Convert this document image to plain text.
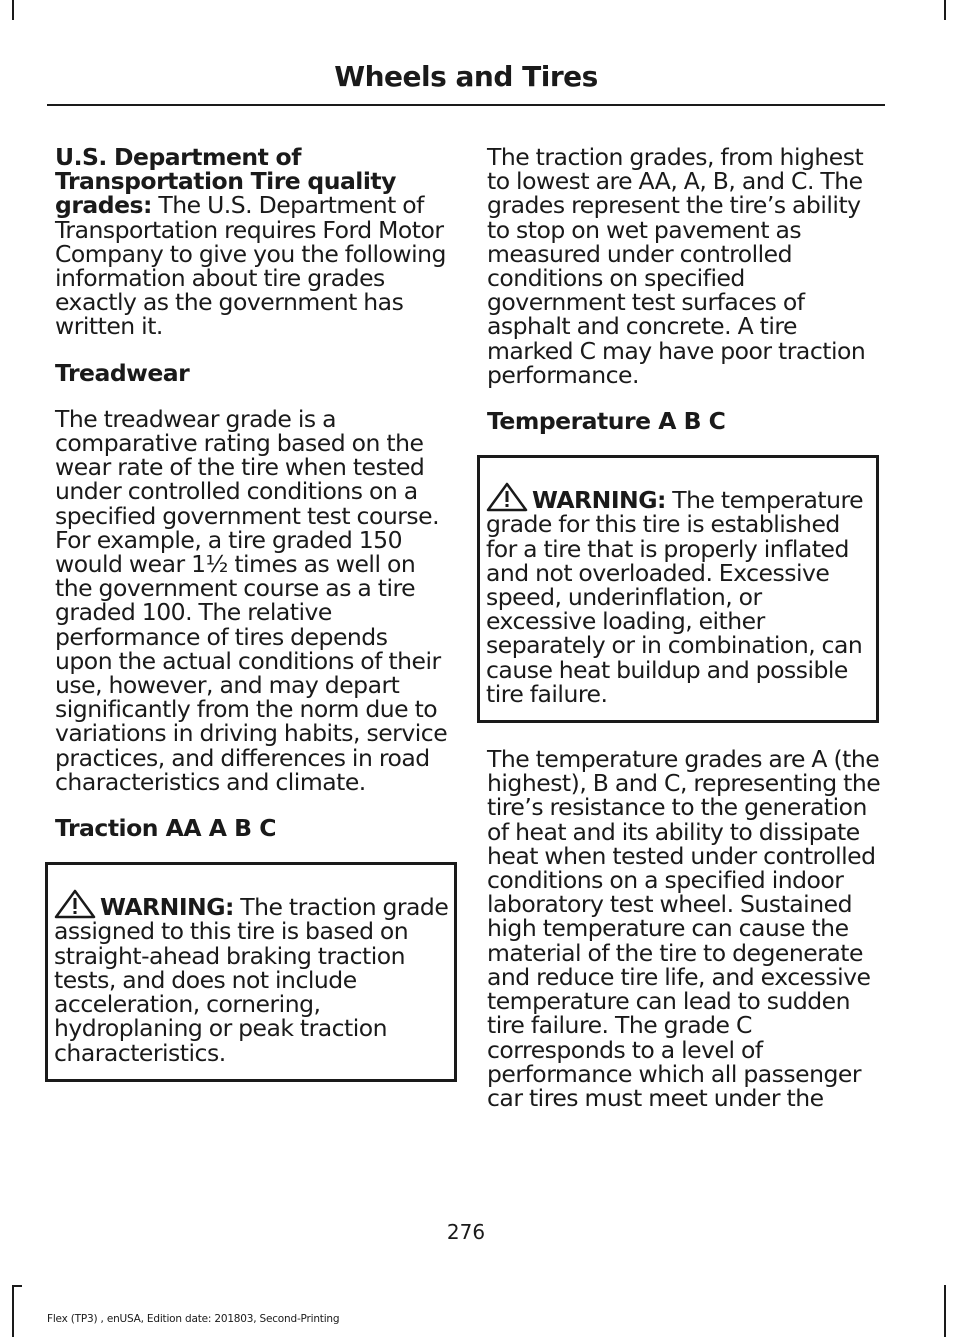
Wheels and Tires

U.S. Department of Transportation Tire quality grades: The U.S. Department of Transportation requires Ford Motor Company to give you the following information about tire grades exactly as the government has written it.

Treadwear

The treadwear grade is a comparative rating based on the wear rate of the tire when tested under controlled conditions on a specified government test course. For example, a tire graded 150 would wear 1½ times as well on the government course as a tire graded 100. The relative performance of tires depends upon the actual conditions of their use, however, and may depart significantly from the norm due to variations in driving habits, service practices, and differences in road characteristics and climate.

Traction AA A B C
WARNING: The traction grade assigned to this tire is based on straight-ahead braking traction tests, and does not include acceleration, cornering, hydroplaning or peak traction characteristics.

The traction grades, from highest to lowest are AA, A, B, and C. The grades represent the tire’s ability to stop on wet pavement as measured under controlled conditions on specified government test surfaces of asphalt and concrete. A tire marked C may have poor traction performance.

Temperature A B C
WARNING: The temperature grade for this tire is established for a tire that is properly inflated and not overloaded. Excessive speed, underinflation, or excessive loading, either separately or in combination, can cause heat buildup and possible tire failure.

The temperature grades are A (the highest), B and C, representing the tire’s resistance to the generation of heat and its ability to dissipate heat when tested under controlled conditions on a specified indoor laboratory test wheel. Sustained high temperature can cause the material of the tire to degenerate and reduce tire life, and excessive temperature can lead to sudden tire failure. The grade C corresponds to a level of performance which all passenger car tires must meet under the

276
Flex (TP3) , enUSA, Edition date: 201803, Second-Printing
